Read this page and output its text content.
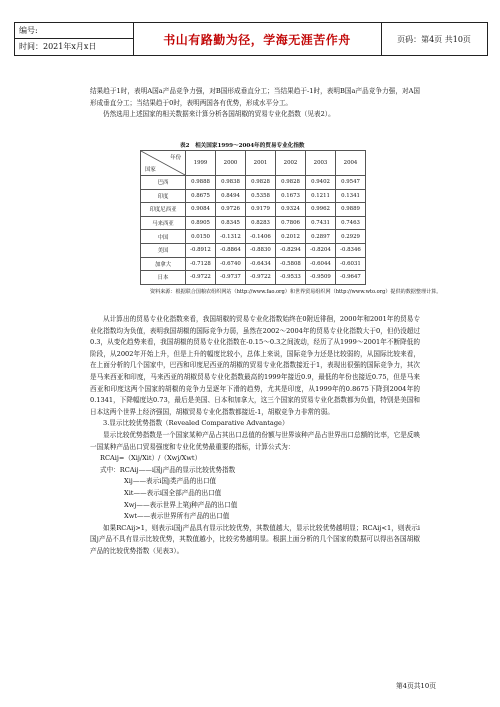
编号:
时间：2021年x月x日	书山有路勤为径，学海无涯苦作舟	页码：第4页 共10页

结果趋于1时，表明A国a产品竞争力强，对B国形成垂直分工；当结果趋于-1时，表明B国a产品竞争力强，对A国形成垂直分工；当结果趋于0时，表明两国各有优势，形成水平分工。

仍然选用上述国家的相关数据来计算分析各国胡椒的贸易专业化指数（见表2）。

表2　相关国家1999～2004年的贸易专业化指数
年份
国家	1999	2000	2001	2002	2003	2004
巴西	0.9888	0.9838	0.9828	0.9828	0.9402	0.9547
印度	0.8675	0.8494	0.5358	0.1673	0.1211	0.1341
印度尼西亚	0.9084	0.9726	0.9179	0.9324	0.9962	0.9889
马来西亚	0.8905	0.8345	0.8283	0.7806	0.7431	0.7463
中国	0.0150	-0.1312	-0.1406	0.2012	0.2897	0.2929
美国	-0.8912	-0.8864	-0.8830	-0.8294	-0.8204	-0.8346
加拿大	-0.7128	-0.6740	-0.6434	-0.5808	-0.6044	-0.6031
日本	-0.9722	-0.9737	-0.9722	-0.9533	-0.9509	-0.9647
资料来源：根据联合国粮农组织网站（http://www.fao.org）和世界贸易组织网（http://www.wto.org）提供的数据整理计算。

从计算出的贸易专业化指数来看，我国胡椒的贸易专业化指数始终在0附近徘徊，2000年和2001年的贸易专业化指数均为负值，表明我国胡椒的国际竞争力弱，虽然在2002～2004年的贸易专业化指数大于0，但仍没超过0.3，从变化趋势来看，我国胡椒的贸易专业化指数在-0.15～0.3之间波动，经历了从1999～2001年不断降低的阶段，从2002年开始上升，但是上升的幅度比较小，总体上来说，国际竞争力还是比较弱的，从国际比较来看，在上面分析的几个国家中，巴西和印度尼西亚的胡椒的贸易专业化指数接近于1，表现出很强的国际竞争力，其次是马来西亚和印度，马来西亚的胡椒贸易专业化指数最高的1999年接近0.9，最低的年份也接近0.75，但是马来西亚和印度这两个国家的胡椒的竞争力呈逐年下滑的趋势，尤其是印度，从1999年的0.8675下降到2004年的0.1341，下降幅度达0.73，最后是美国、日本和加拿大，这三个国家的贸易专业化指数都为负值，特别是美国和日本这两个世界上经济强国，胡椒贸易专业化指数都接近-1，胡椒竞争力非常的弱。

3.显示比较优势指数（Revealed Comparative Advantage）

显示比较优势指数是一个国家某种产品占其出口总值的份额与世界该种产品占世界出口总额的比率，它是反映一国某种产品出口贸易强度和专业化优势最重要的指标，计算公式为：

RCAij=（Xij/Xit）/（Xwj/Xwt）

式中：RCAij——i国j产品的显示比较优势指数

Xij——表示i国j类产品的出口值

Xit——表示i国全部产品的出口值

Xwj——表示世界上第j种产品的出口值

Xwt——表示世界所有产品的出口值

如果RCAij>1，则表示i国j产品具有显示比较优势，其数值越大，显示比较优势越明显；RCAij<1，则表示i国j产品不具有显示比较优势，其数值越小，比较劣势越明显。根据上面分析的几个国家的数据可以得出各国胡椒产品的比较优势指数（见表3）。

第4页共10页
